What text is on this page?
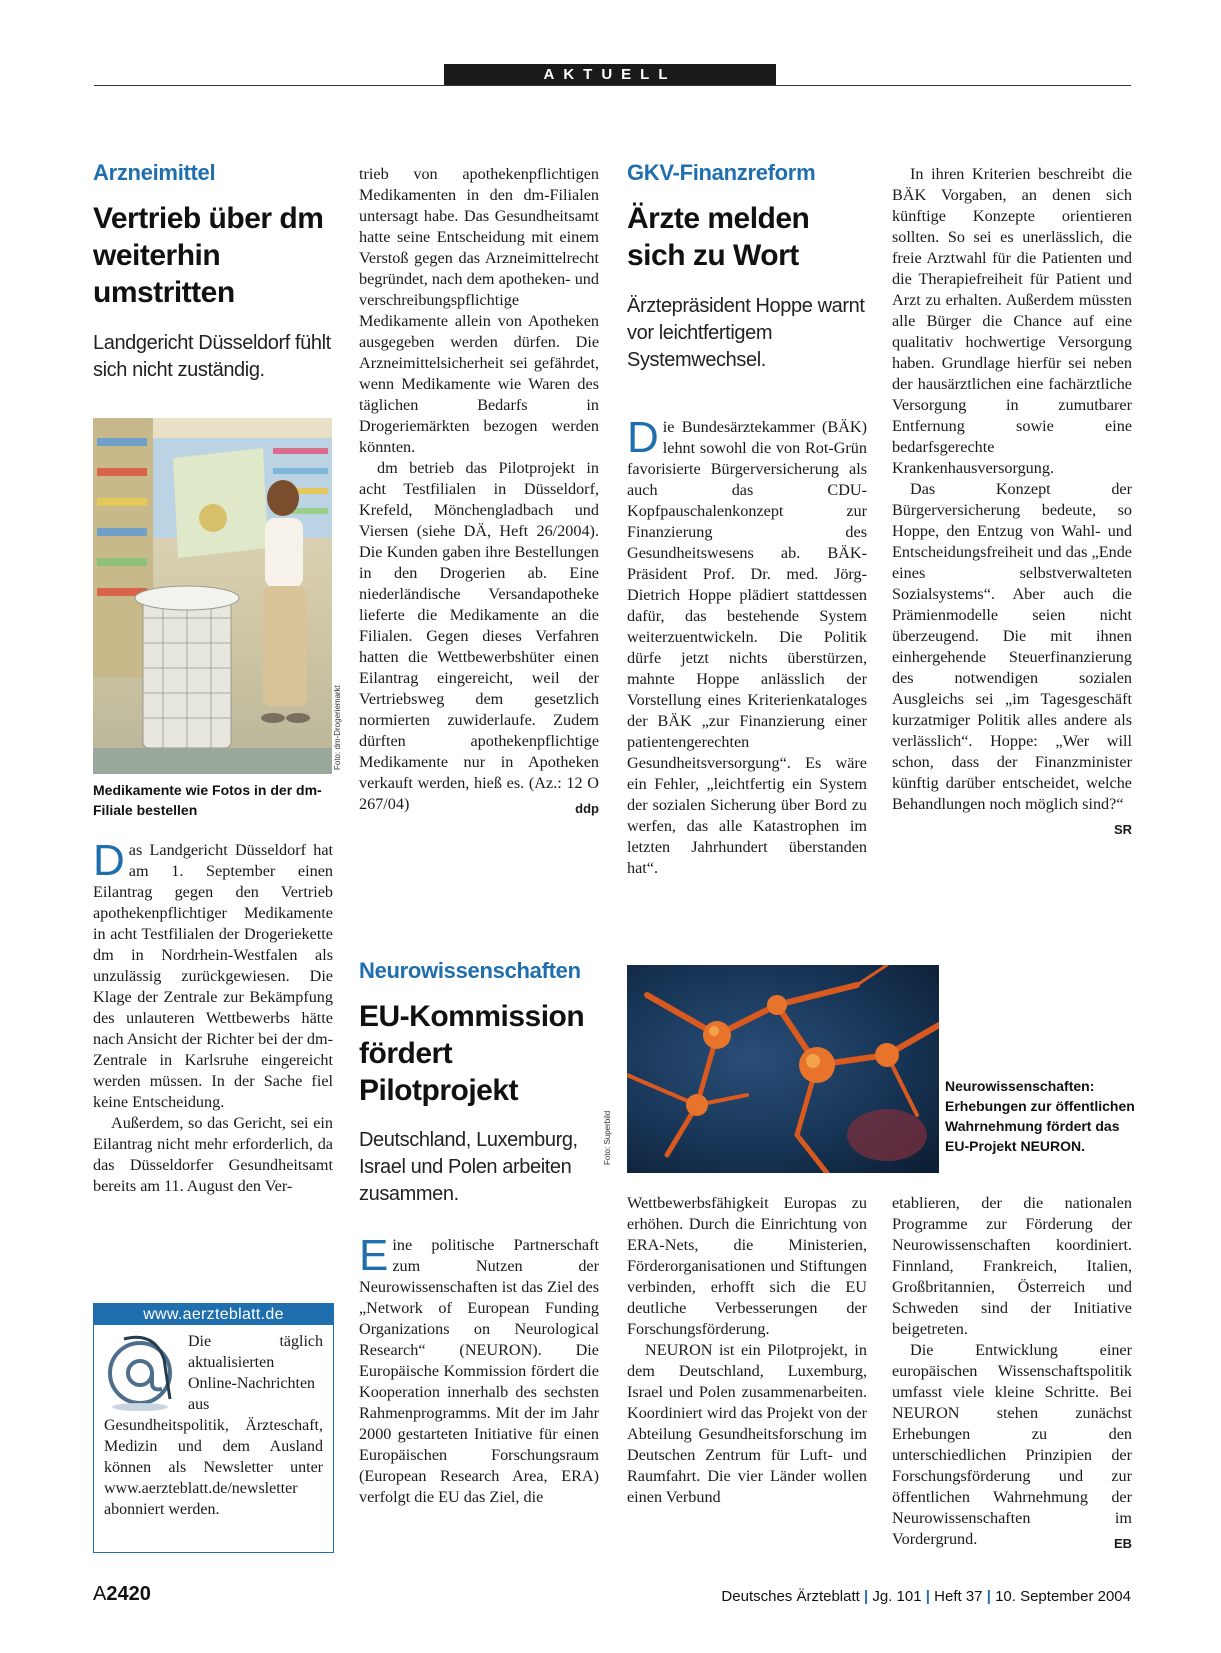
AKTUELL
Arzneimittel
Vertrieb über dm weiterhin umstritten
Landgericht Düsseldorf fühlt sich nicht zuständig.
Foto: dm-Drogeriemarkt
Medikamente wie Fotos in der dm-Filiale bestellen

Das Landgericht Düsseldorf hat am 1. September einen Eilantrag gegen den Vertrieb apothekenpflichtiger Medikamente in acht Testfilialen der Drogeriekette dm in Nordrhein-Westfalen als unzulässig zurückgewiesen. Die Klage der Zentrale zur Bekämpfung des unlauteren Wettbewerbs hätte nach Ansicht der Richter bei der dm-Zentrale in Karlsruhe eingereicht werden müssen. In der Sache fiel keine Entscheidung.

Außerdem, so das Gericht, sei ein Eilantrag nicht mehr erforderlich, da das Düsseldorfer Gesundheitsamt bereits am 11. August den Ver-

trieb von apothekenpflichtigen Medikamenten in den dm-Filialen untersagt habe. Das Gesundheitsamt hatte seine Entscheidung mit einem Verstoß gegen das Arzneimittelrecht begründet, nach dem apotheken- und verschreibungspflichtige Medikamente allein von Apotheken ausgegeben werden dürfen. Die Arzneimittelsicherheit sei gefährdet, wenn Medikamente wie Waren des täglichen Bedarfs in Drogeriemärkten bezogen werden könnten.

dm betrieb das Pilotprojekt in acht Testfilialen in Düsseldorf, Krefeld, Mönchengladbach und Viersen (siehe DÄ, Heft 26/2004). Die Kunden gaben ihre Bestellungen in den Drogerien ab. Eine niederländische Versandapotheke lieferte die Medikamente an die Filialen. Gegen dieses Verfahren hatten die Wettbewerbshüter einen Eilantrag eingereicht, weil der Vertriebsweg dem gesetzlich normierten zuwiderlaufe. Zudem dürften apothekenpflichtige Medikamente nur in Apotheken verkauft werden, hieß es. (Az.: 12 O 267/04)	ddp

www.aerzteblatt.de
Die täglich aktualisierten Online-Nachrichten aus Gesundheitspolitik, Ärzteschaft, Medizin und dem Ausland können als Newsletter unter www.aerzteblatt.de/newsletter abonniert werden.
GKV-Finanzreform
Ärzte melden sich zu Wort
Ärztepräsident Hoppe warnt vor leichtfertigem Systemwechsel.

Die Bundesärztekammer (BÄK) lehnt sowohl die von Rot-Grün favorisierte Bürgerversicherung als auch das CDU-Kopfpauschalenkonzept zur Finanzierung des Gesundheitswesens ab. BÄK-Präsident Prof. Dr. med. Jörg-Dietrich Hoppe plädiert stattdessen dafür, das bestehende System weiterzuentwickeln. Die Politik dürfe jetzt nichts überstürzen, mahnte Hoppe anlässlich der Vorstellung eines Kriterienkataloges der BÄK „zur Finanzierung einer patientengerechten Gesundheitsversorgung“. Es wäre ein Fehler, „leichtfertig ein System der sozialen Sicherung über Bord zu werfen, das alle Katastrophen im letzten Jahrhundert überstanden hat“.

In ihren Kriterien beschreibt die BÄK Vorgaben, an denen sich künftige Konzepte orientieren sollten. So sei es unerlässlich, die freie Arztwahl für die Patienten und die Therapiefreiheit für Patient und Arzt zu erhalten. Außerdem müssten alle Bürger die Chance auf eine qualitativ hochwertige Versorgung haben. Grundlage hierfür sei neben der hausärztlichen eine fachärztliche Versorgung in zumutbarer Entfernung sowie eine bedarfsgerechte Krankenhausversorgung.

Das Konzept der Bürgerversicherung bedeute, so Hoppe, den Entzug von Wahl- und Entscheidungsfreiheit und das „Ende eines selbstverwalteten Sozialsystems“. Aber auch die Prämienmodelle seien nicht überzeugend. Die mit ihnen einhergehende Steuerfinanzierung des notwendigen sozialen Ausgleichs sei „im Tagesgeschäft kurzatmiger Politik alles andere als verlässlich“. Hoppe: „Wer will schon, dass der Finanzminister künftig darüber entscheidet, welche Behandlungen noch möglich sind?“
SR

Neurowissenschaften
EU-Kommission fördert Pilotprojekt
Deutschland, Luxemburg, Israel und Polen arbeiten zusammen.

Eine politische Partnerschaft zum Nutzen der Neurowissenschaften ist das Ziel des „Network of European Funding Organizations on Neurological Research“ (NEURON). Die Europäische Kommission fördert die Kooperation innerhalb des sechsten Rahmenprogramms. Mit der im Jahr 2000 gestarteten Initiative für einen Europäischen Forschungsraum (European Research Area, ERA) verfolgt die EU das Ziel, die

Foto: Superbild
Neurowissenschaften: Erhebungen zur öffentlichen Wahrnehmung fördert das EU-Projekt NEURON.

Wettbewerbsfähigkeit Europas zu erhöhen. Durch die Einrichtung von ERA-Nets, die Ministerien, Förderorganisationen und Stiftungen verbinden, erhofft sich die EU deutliche Verbesserungen der Forschungsförderung.

NEURON ist ein Pilotprojekt, in dem Deutschland, Luxemburg, Israel und Polen zusammenarbeiten. Koordiniert wird das Projekt von der Abteilung Gesundheitsforschung im Deutschen Zentrum für Luft- und Raumfahrt. Die vier Länder wollen einen Verbund

etablieren, der die nationalen Programme zur Förderung der Neurowissenschaften koordiniert. Finnland, Frankreich, Italien, Großbritannien, Österreich und Schweden sind der Initiative beigetreten.

Die Entwicklung einer europäischen Wissenschaftspolitik umfasst viele kleine Schritte. Bei NEURON stehen zunächst Erhebungen zu den unterschiedlichen Prinzipien der Forschungsförderung und zur öffentlichen Wahrnehmung der Neurowissenschaften im Vordergrund.	EB

A2420	Deutsches Ärzteblatt | Jg. 101 | Heft 37 | 10. September 2004
